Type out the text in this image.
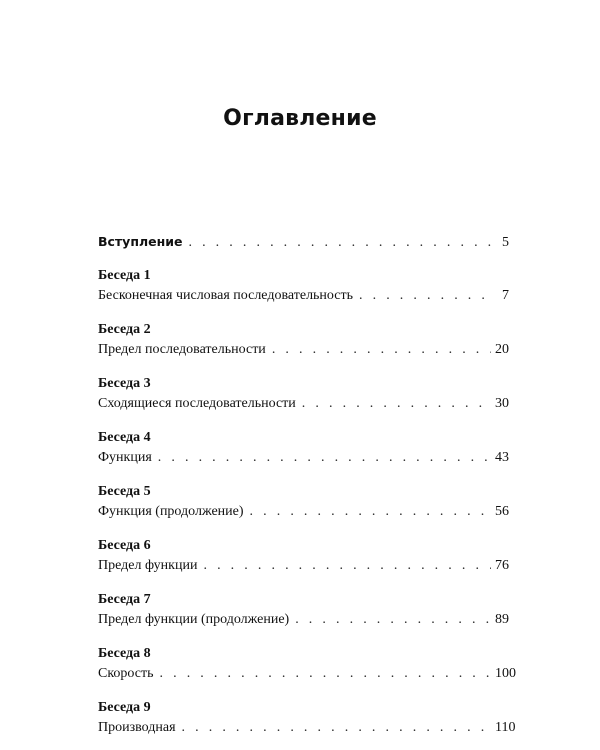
Оглавление
Вступление . . .	5
Беседа 1
Бесконечная числовая последовательность . . .	7
Беседа 2
Предел последовательности . . .	20
Беседа 3
Сходящиеся последовательности . . .	30
Беседа 4
Функция . . .	43
Беседа 5
Функция (продолжение) . . .	56
Беседа 6
Предел функции . . .	76
Беседа 7
Предел функции (продолжение) . . .	89
Беседа 8
Скорость . . .	100
Беседа 9
Производная . . .	110
